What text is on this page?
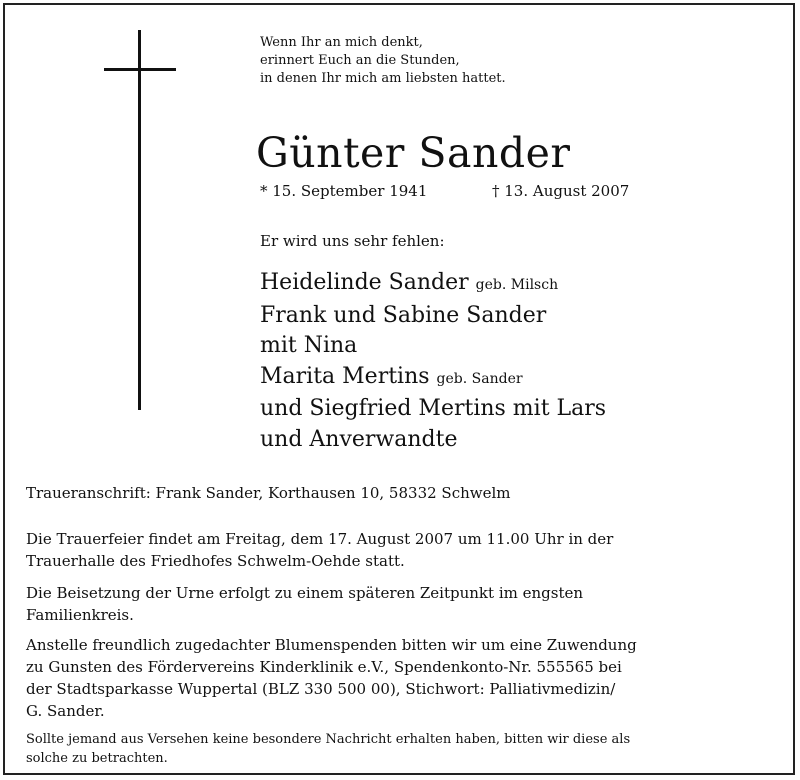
Wenn Ihr an mich denkt,
erinnert Euch an die Stunden,
in denen Ihr mich am liebsten hattet.
Günter Sander
* 15. September 1941	† 13. August 2007
Er wird uns sehr fehlen:
Heidelinde Sander geb. Milsch
Frank und Sabine Sander
mit Nina
Marita Mertins geb. Sander
und Siegfried Mertins mit Lars
und Anverwandte
Traueranschrift: Frank Sander, Korthausen 10, 58332 Schwelm
Die Trauerfeier findet am Freitag, dem 17. August 2007 um 11.00 Uhr in der
Trauerhalle des Friedhofes Schwelm-Oehde statt.
Die Beisetzung der Urne erfolgt zu einem späteren Zeitpunkt im engsten
Familienkreis.
Anstelle freundlich zugedachter Blumenspenden bitten wir um eine Zuwendung
zu Gunsten des Fördervereins Kinderklinik e.V., Spendenkonto-Nr. 555565 bei
der Stadtsparkasse Wuppertal (BLZ 330 500 00), Stichwort: Palliativmedizin/
G. Sander.
Sollte jemand aus Versehen keine besondere Nachricht erhalten haben, bitten wir diese als
solche zu betrachten.
